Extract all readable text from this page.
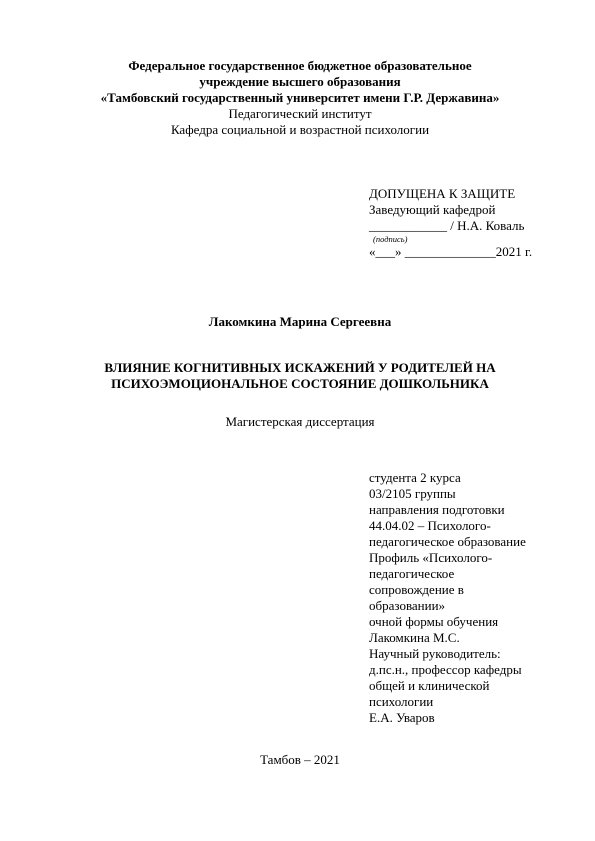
Федеральное государственное бюджетное образовательное
учреждение высшего образования
«Тамбовский государственный университет имени Г.Р. Державина»
Педагогический институт
Кафедра социальной и возрастной психологии
ДОПУЩЕНА К ЗАЩИТЕ
Заведующий кафедрой
____________ / Н.А. Коваль
(подпись)
«___» ______________2021 г.
Лакомкина Марина Сергеевна
ВЛИЯНИЕ КОГНИТИВНЫХ ИСКАЖЕНИЙ У РОДИТЕЛЕЙ НА
ПСИХОЭМОЦИОНАЛЬНОЕ СОСТОЯНИЕ ДОШКОЛЬНИКА
Магистерская диссертация
студента 2 курса
03/2105 группы
направления подготовки
44.04.02 – Психолого-
педагогическое образование
Профиль «Психолого-
педагогическое
сопровождение в
образовании»
очной формы обучения
Лакомкина М.С.
Научный руководитель:
д.пс.н., профессор кафедры
общей и клинической
психологии
Е.А. Уваров
Тамбов – 2021
